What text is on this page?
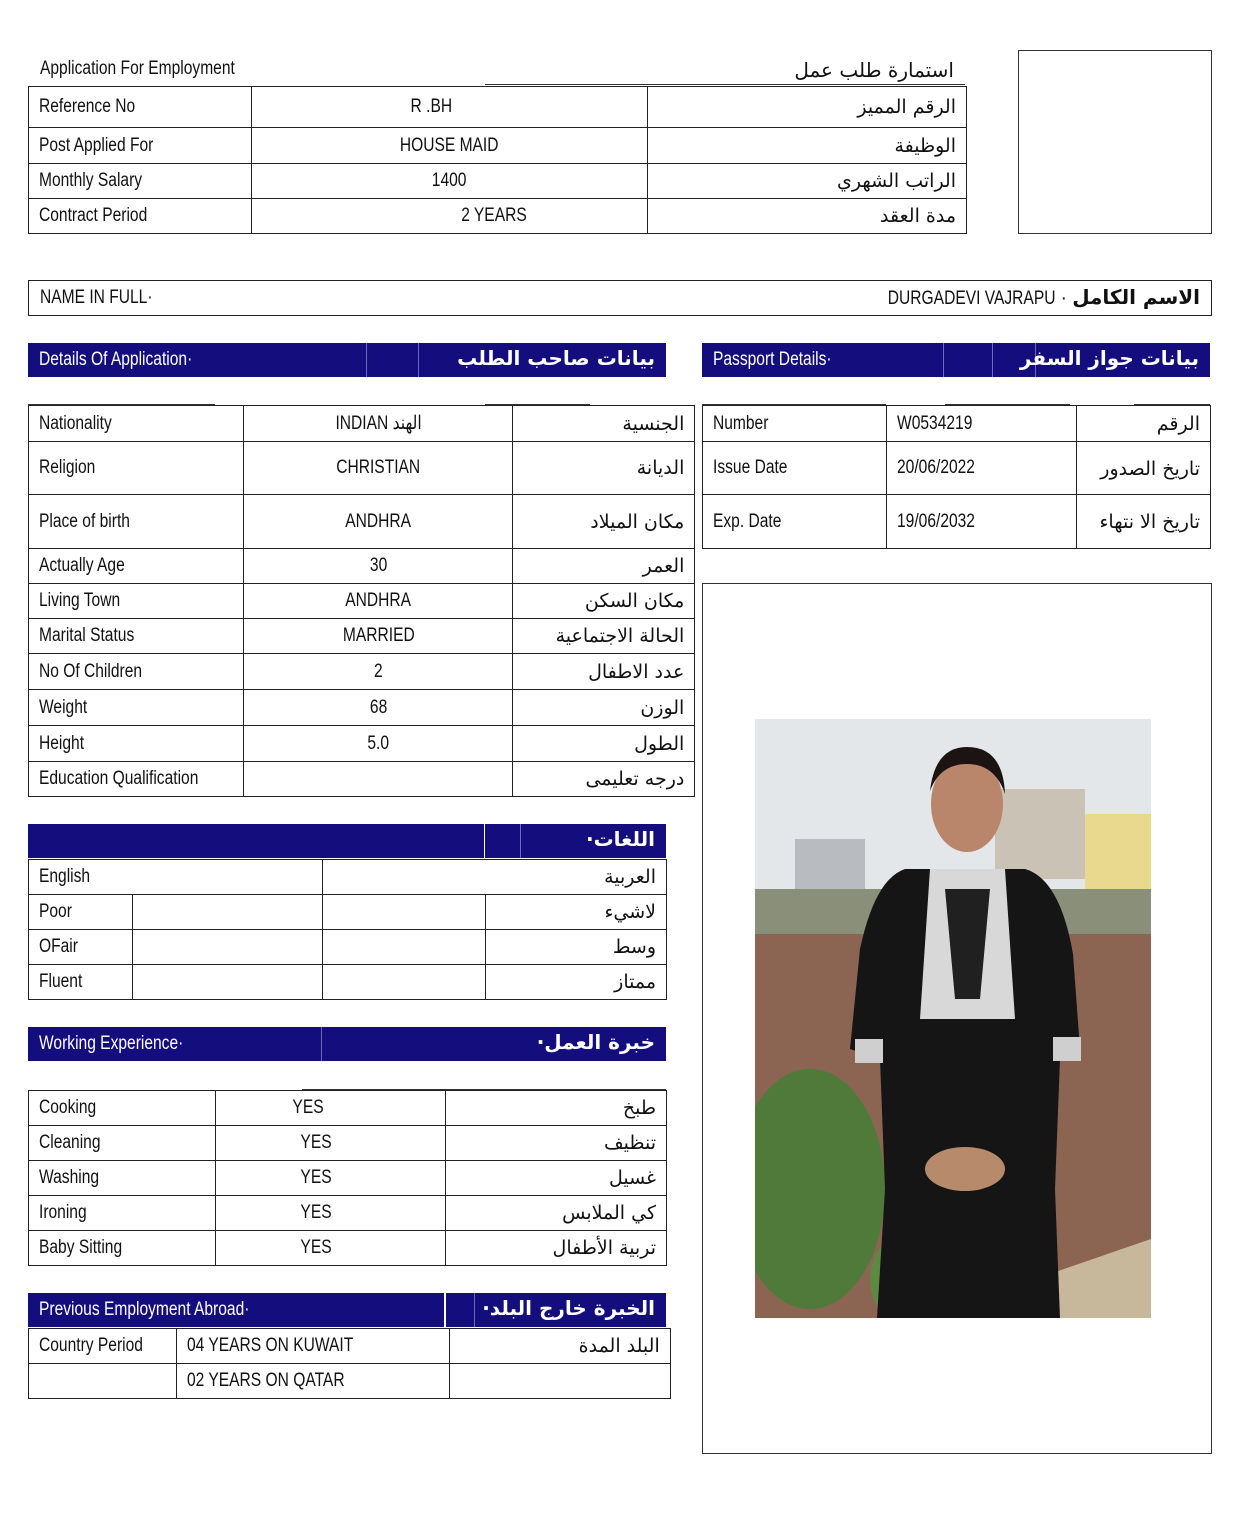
Application For Employment	استمارة طلب عمل
Reference No	R .BH	الرقم المميز
Post Applied For	HOUSE MAID	الوظيفة
Monthly Salary	1400	الراتب الشهري
Contract Period	2 YEARS	مدة العقد
NAME IN FULL·	DURGADEVI VAJRAPU · الاسم الكامل
Details Of Application·	بيانات صاحب الطلب
Nationality	INDIAN الهند	الجنسية
Religion	CHRISTIAN	الديانة
Place of birth	ANDHRA	مكان الميلاد
Actually Age	30	العمر
Living Town	ANDHRA	مكان السكن
Marital Status	MARRIED	الحالة الاجتماعية
No Of Children	2	عدد الاطفال
Weight	68	الوزن
Height	5.0	الطول
Education Qualification		درجه تعليمى
Passport Details·	بيانات جواز السفر
Number	W0534219	الرقم
Issue Date	20/06/2022	تاريخ الصدور
Exp. Date	19/06/2032	تاريخ الا نتهاء
اللغات·
English			العربية
Poor			لاشيء
OFair			وسط
Fluent			ممتاز
Working Experience·	خبرة العمل·
Cooking	YES	طبخ
Cleaning	YES	تنظيف
Washing	YES	غسيل
Ironing	YES	كي الملابس
Baby Sitting	YES	تربية الأطفال
Previous Employment Abroad·	الخبرة خارج البلد·
Country Period	04 YEARS ON KUWAIT	البلد المدة
	02 YEARS ON QATAR	
